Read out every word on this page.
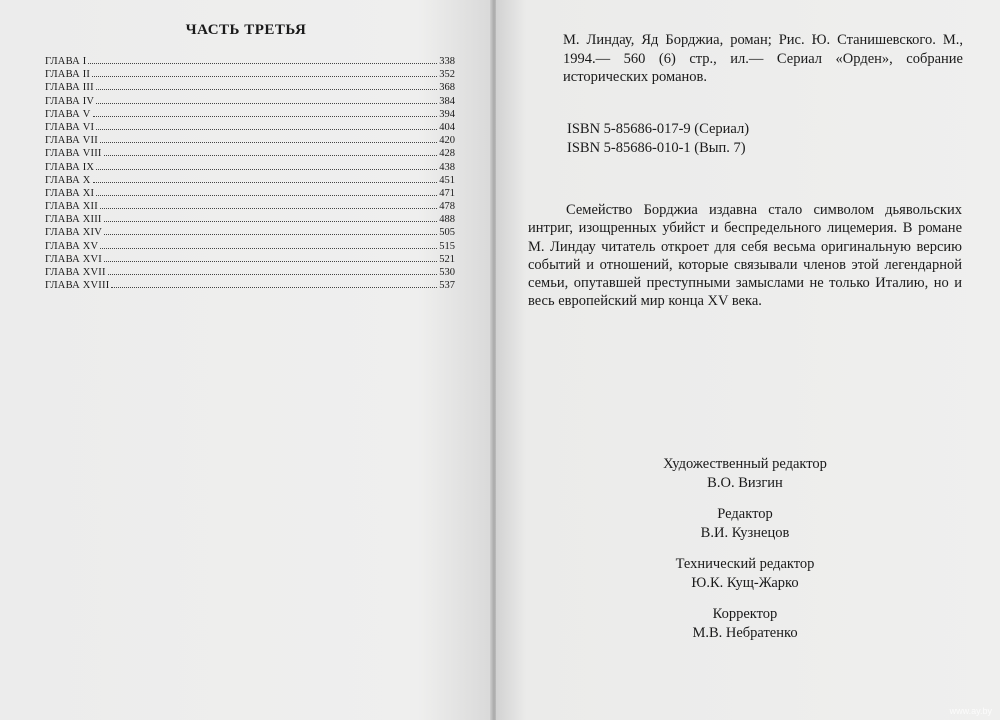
ЧАСТЬ ТРЕТЬЯ
ГЛАВА I	338
ГЛАВА II	352
ГЛАВА III	368
ГЛАВА IV	384
ГЛАВА V	394
ГЛАВА VI	404
ГЛАВА VII	420
ГЛАВА VIII	428
ГЛАВА IX	438
ГЛАВА X	451
ГЛАВА XI	471
ГЛАВА XII	478
ГЛАВА XIII	488
ГЛАВА XIV	505
ГЛАВА XV	515
ГЛАВА XVI	521
ГЛАВА XVII	530
ГЛАВА XVIII	537
М. Линдау, Яд Борджиа, роман; Рис. Ю. Станишевского. М., 1994.— 560 (6) стр., ил.— Сериал «Орден», собрание исторических романов.
ISBN 5-85686-017-9 (Сериал)
ISBN 5-85686-010-1 (Вып. 7)

Семейство Борджиа издавна стало символом дьявольских интриг, изощренных убийст и беспредельного лицемерия. В романе М. Линдау читатель откроет для себя весьма оригинальную версию событий и отношений, которые связывали членов этой легендарной семьи, опутавшей преступными замыслами не только Италию, но и весь европейский мир конца XV века.

Художественный редактор
В.О. Визгин
Редактор
В.И. Кузнецов
Технический редактор
Ю.К. Кущ-Жарко
Корректор
М.В. Небратенко
www.ay.by
